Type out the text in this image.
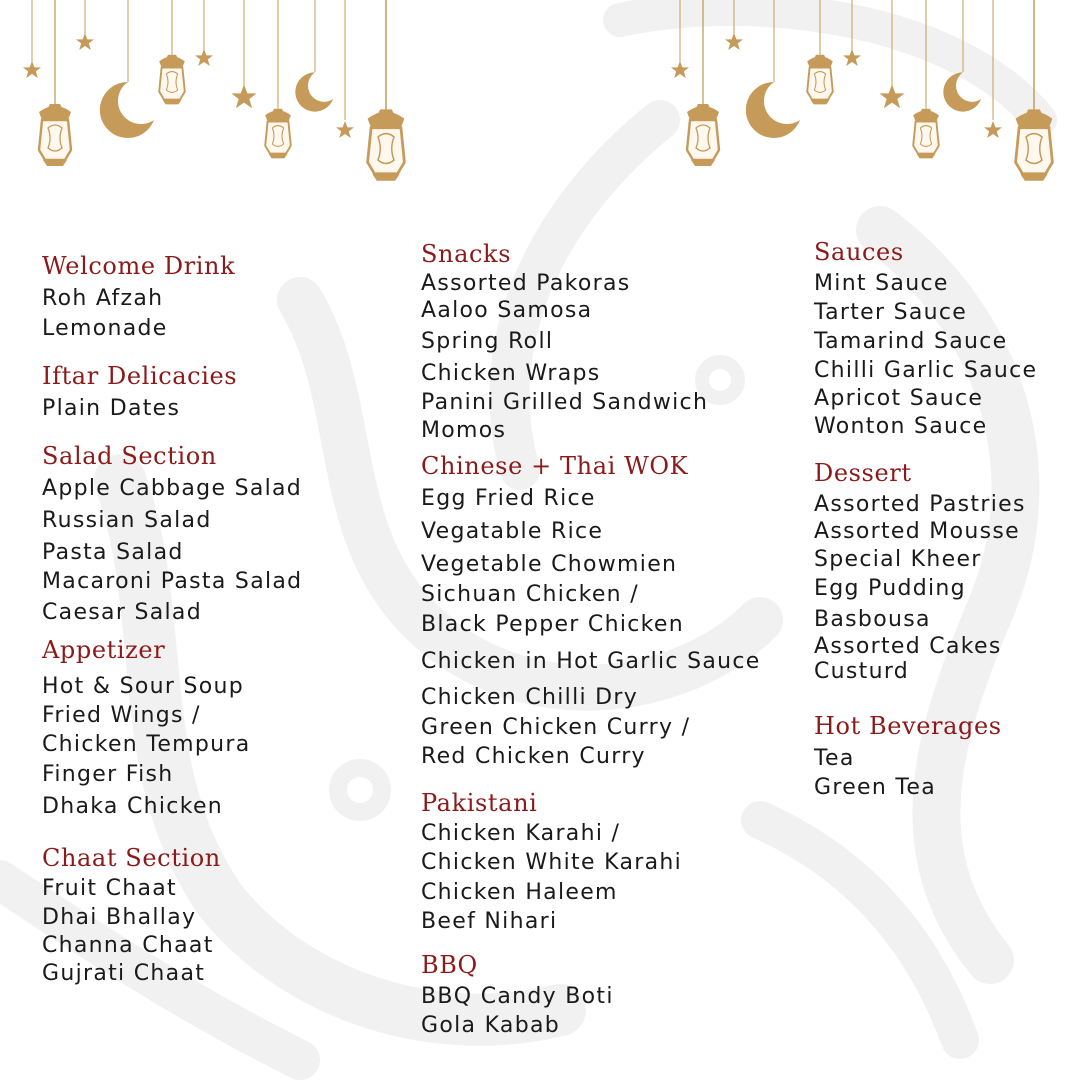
Welcome Drink
Roh Afzah
Lemonade
Iftar Delicacies
Plain Dates
Salad Section
Apple Cabbage Salad
Russian Salad
Pasta Salad
Macaroni Pasta Salad
Caesar Salad
Appetizer
Hot & Sour Soup
Fried Wings /
Chicken Tempura
Finger Fish
Dhaka Chicken
Chaat Section
Fruit Chaat
Dhai Bhallay
Channa Chaat
Gujrati Chaat
Snacks
Assorted Pakoras
Aaloo Samosa
Spring Roll
Chicken Wraps
Panini Grilled Sandwich
Momos
Chinese + Thai WOK
Egg Fried Rice
Vegatable Rice
Vegetable Chowmien
Sichuan Chicken /
Black Pepper Chicken
Chicken in Hot Garlic Sauce
Chicken Chilli Dry
Green Chicken Curry /
Red Chicken Curry
Pakistani
Chicken Karahi /
Chicken White Karahi
Chicken Haleem
Beef Nihari
BBQ
BBQ Candy Boti
Gola Kabab
Sauces
Mint Sauce
Tarter Sauce
Tamarind Sauce
Chilli Garlic Sauce
Apricot Sauce
Wonton Sauce
Dessert
Assorted Pastries
Assorted Mousse
Special Kheer
Egg Pudding
Basbousa
Assorted Cakes
Custurd
Hot Beverages
Tea
Green Tea
